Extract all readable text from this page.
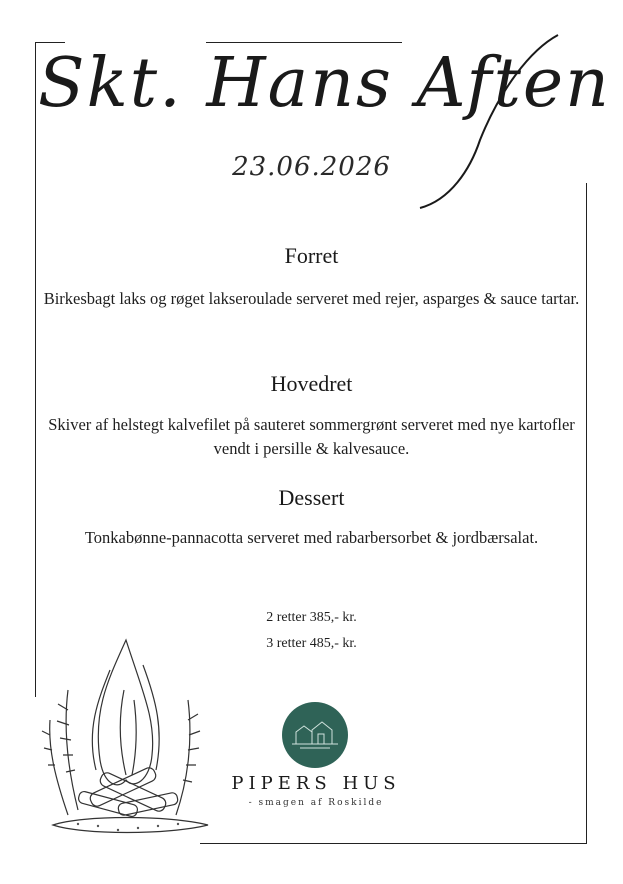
Skt. Hans Aften
23.06.2026
Forret
Birkesbagt laks og røget lakseroulade serveret med rejer, asparges & sauce tartar.
Hovedret
Skiver af helstegt kalvefilet på sauteret sommergrønt serveret med nye kartofler vendt i persille & kalvesauce.
Dessert
Tonkabønne-pannacotta serveret med rabarbersorbet & jordbærsalat.
2 retter 385,- kr.
3 retter 485,- kr.
PIPERS HUS
- smagen af Roskilde
